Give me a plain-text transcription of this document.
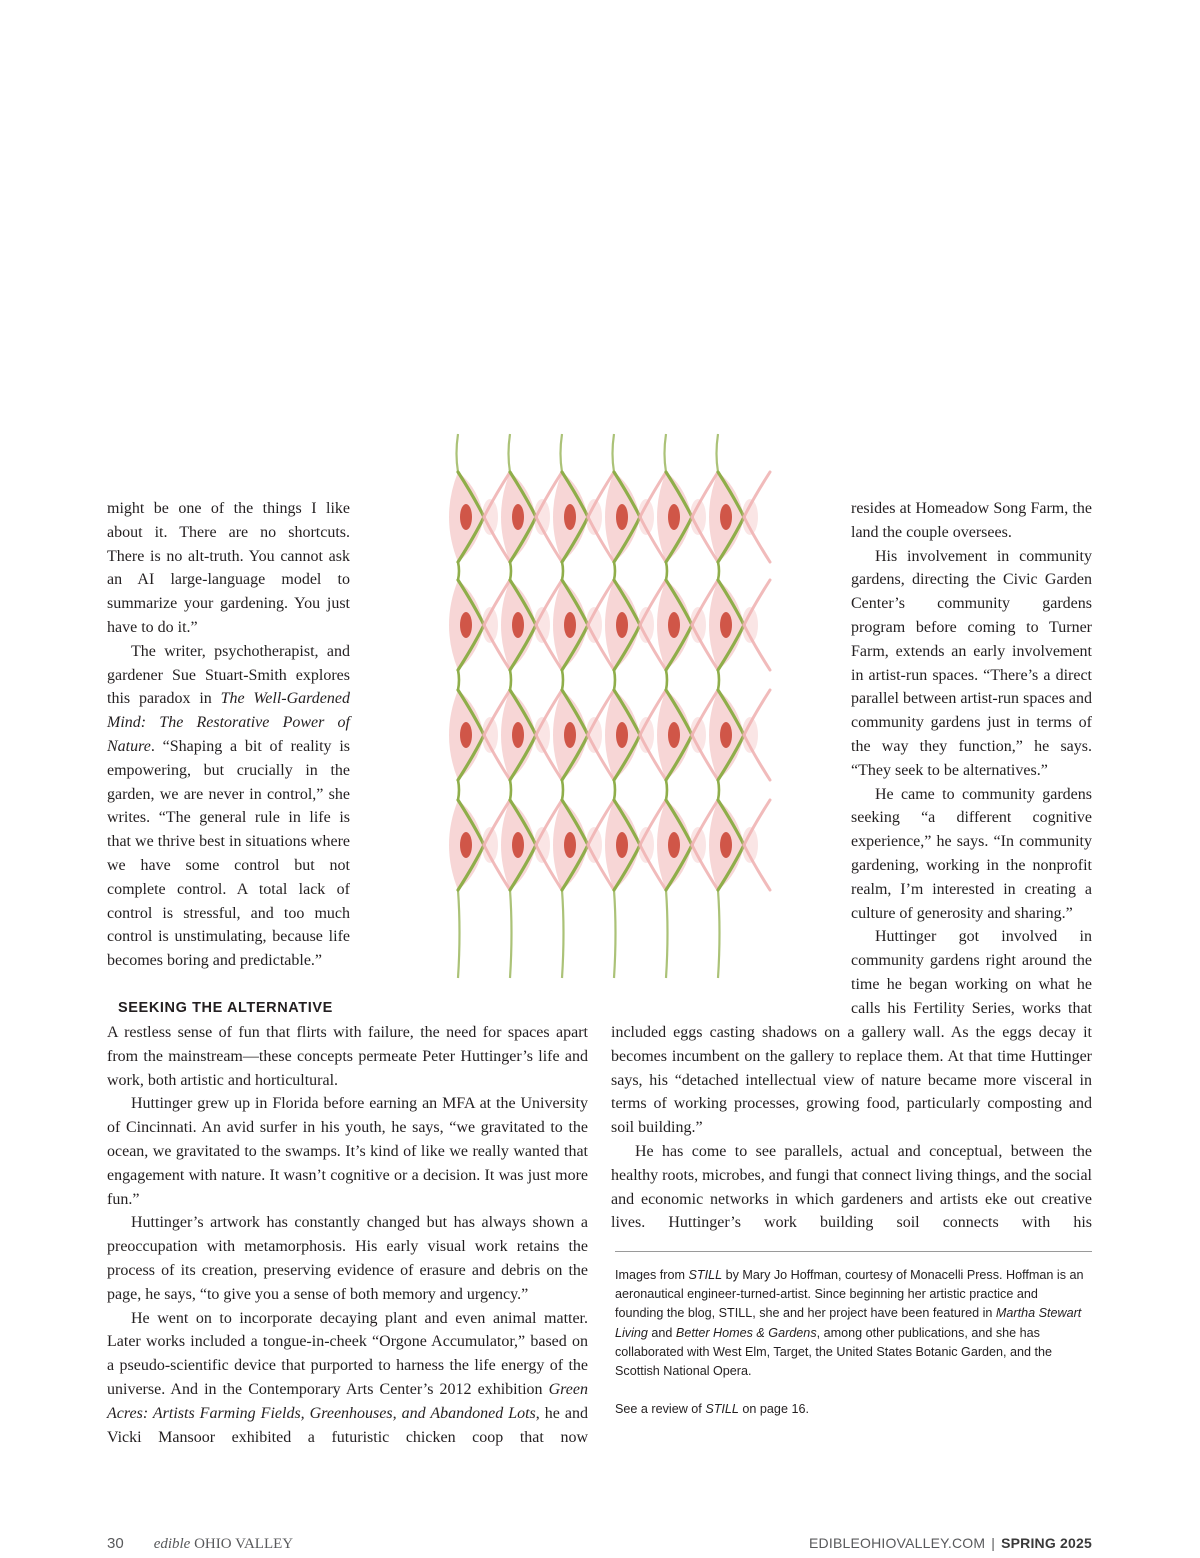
might be one of the things I like about it. There are no shortcuts. There is no alt-truth. You cannot ask an AI large-language model to summarize your gardening. You just have to do it.”

The writer, psychotherapist, and gardener Sue Stuart-Smith explores this paradox in The Well-Gardened Mind: The Restorative Power of Nature. “Shaping a bit of reality is empowering, but crucially in the garden, we are never in control,” she writes. “The general rule in life is that we thrive best in situations where we have some control but not complete control. A total lack of control is stressful, and too much control is unstimulating, because life becomes boring and predictable.”

resides at Homeadow Song Farm, the land the couple oversees.

His involvement in community gardens, directing the Civic Garden Center’s community gardens program before coming to Turner Farm, extends an early involvement in artist-run spaces. “There’s a direct parallel between artist-run spaces and community gardens just in terms of the way they function,” he says. “They seek to be alternatives.”

He came to community gardens seeking “a different cognitive experience,” he says. “In community gardening, working in the nonprofit realm, I’m interested in creating a culture of generosity and sharing.”

Huttinger got involved in community gardens right around the time he began working on what he calls his Fertility Series, works that

SEEKING THE ALTERNATIVE

A restless sense of fun that flirts with failure, the need for spaces apart from the mainstream—these concepts permeate Peter Huttinger’s life and work, both artistic and horticultural.

Huttinger grew up in Florida before earning an MFA at the University of Cincinnati. An avid surfer in his youth, he says, “we gravitated to the ocean, we gravitated to the swamps. It’s kind of like we really wanted that engagement with nature. It wasn’t cognitive or a decision. It was just more fun.”

Huttinger’s artwork has constantly changed but has always shown a preoccupation with metamorphosis. His early visual work retains the process of its creation, preserving evidence of erasure and debris on the page, he says, “to give you a sense of both memory and urgency.”

He went on to incorporate decaying plant and even animal matter. Later works included a tongue-in-cheek “Orgone Accumulator,” based on a pseudo-scientific device that purported to harness the life energy of the universe. And in the Contemporary Arts Center’s 2012 exhibition Green Acres: Artists Farming Fields, Greenhouses, and Abandoned Lots, he and Vicki Mansoor exhibited a futuristic chicken coop that now

included eggs casting shadows on a gallery wall. As the eggs decay it becomes incumbent on the gallery to replace them. At that time Huttinger says, his “detached intellectual view of nature became more visceral in terms of working processes, growing food, particularly composting and soil building.”

He has come to see parallels, actual and conceptual, between the healthy roots, microbes, and fungi that connect living things, and the social and economic networks in which gardeners and artists eke out creative lives. Huttinger’s work building soil connects with his

Images from STILL by Mary Jo Hoffman, courtesy of Monacelli Press. Hoffman is an aeronautical engineer-turned-artist. Since beginning her artistic practice and founding the blog, STILL, she and her project have been featured in Martha Stewart Living and Better Homes & Gardens, among other publications, and she has collaborated with West Elm, Target, the United States Botanic Garden, and the Scottish National Opera.

See a review of STILL on page 16.

30 edible OHIO VALLEY	EDIBLEOHIOVALLEY.COM | SPRING 2025
